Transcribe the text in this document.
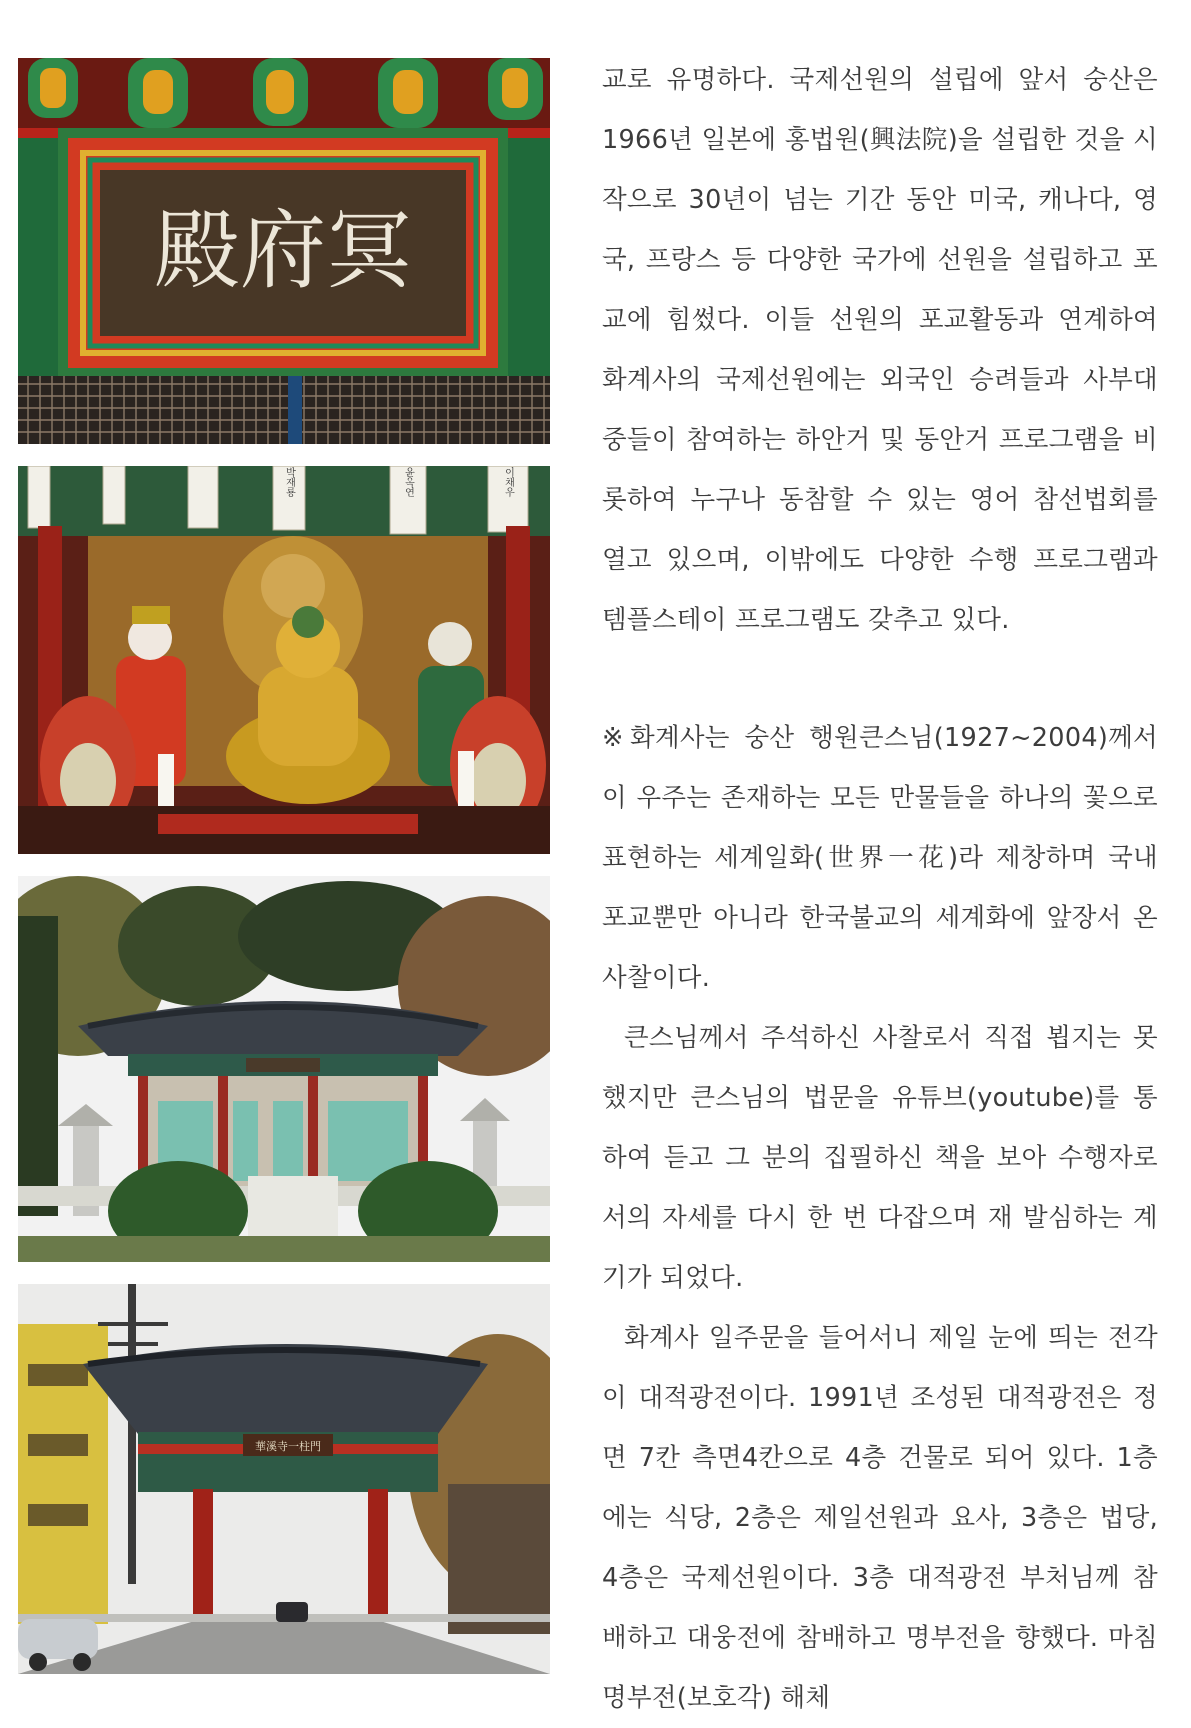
殿府冥
박재룡	윤옥연	이채우
華溪寺一柱門

교로 유명하다. 국제선원의 설립에 앞서 숭산은 1966년 일본에 홍법원(興法院)을 설립한 것을 시작으로 30년이 넘는 기간 동안 미국, 캐나다, 영국, 프랑스 등 다양한 국가에 선원을 설립하고 포교에 힘썼다. 이들 선원의 포교활동과 연계하여 화계사의 국제선원에는 외국인 승려들과 사부대중들이 참여하는 하안거 및 동안거 프로그램을 비롯하여 누구나 동참할 수 있는 영어 참선법회를 열고 있으며, 이밖에도 다양한 수행 프로그램과 템플스테이 프로그램도 갖추고 있다.

※화계사는 숭산 행원큰스님(1927~2004)께서 이 우주는 존재하는 모든 만물들을 하나의 꽃으로 표현하는 세계일화(世界一花)라 제창하며 국내 포교뿐만 아니라 한국불교의 세계화에 앞장서 온 사찰이다.

큰스님께서 주석하신 사찰로서 직접 뵙지는 못했지만 큰스님의 법문을 유튜브(youtube)를 통하여 듣고 그 분의 집필하신 책을 보아 수행자로서의 자세를 다시 한 번 다잡으며 재 발심하는 계기가 되었다.

화계사 일주문을 들어서니 제일 눈에 띄는 전각이 대적광전이다. 1991년 조성된 대적광전은 정면 7칸 측면4칸으로 4층 건물로 되어 있다. 1층에는 식당, 2층은 제일선원과 요사, 3층은 법당, 4층은 국제선원이다. 3층 대적광전 부처님께 참배하고 대웅전에 참배하고 명부전을 향했다. 마침 명부전(보호각) 해체
